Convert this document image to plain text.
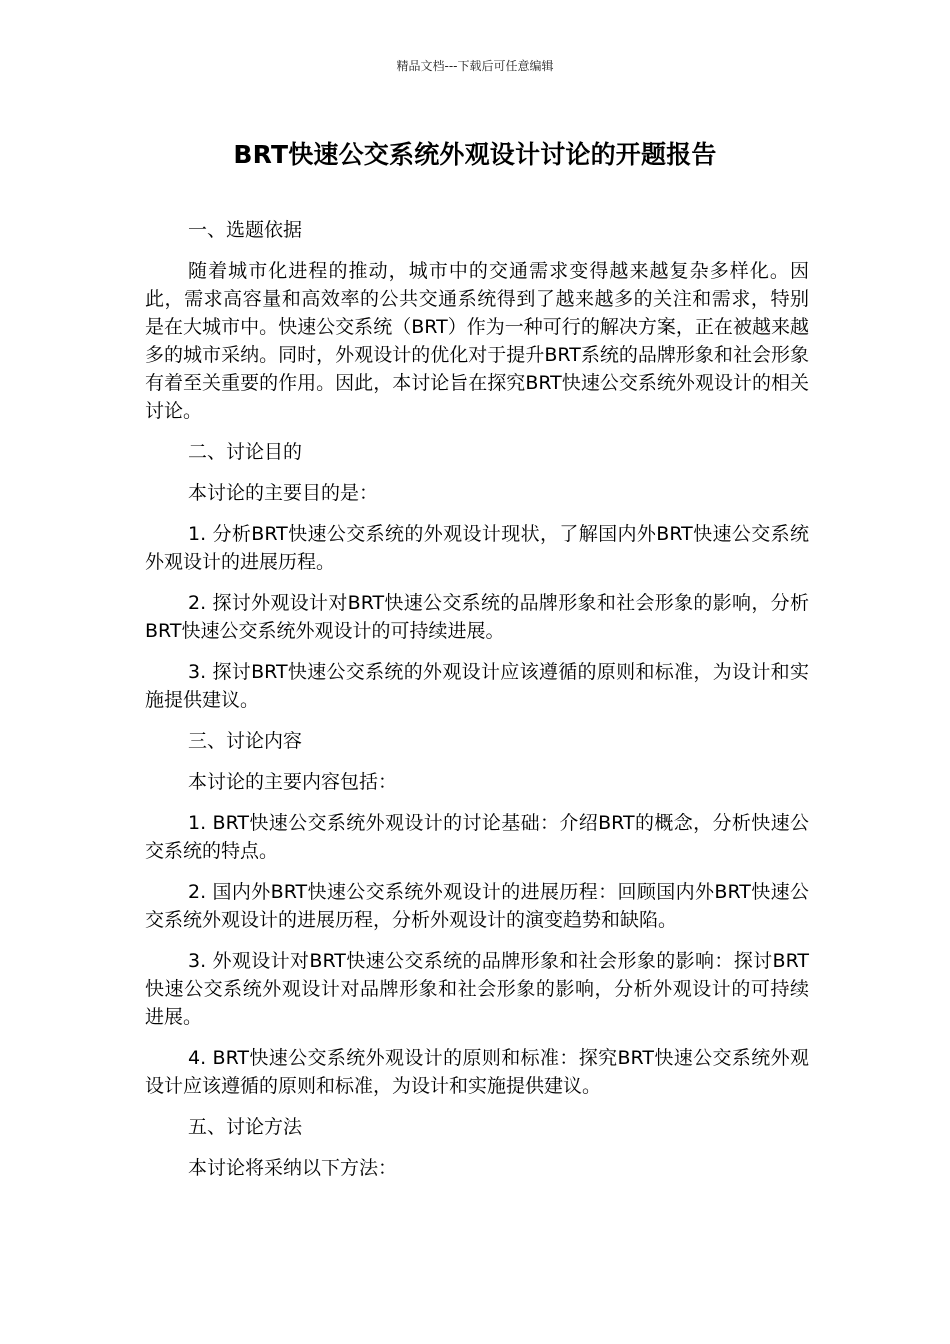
精品文档---下载后可任意编辑
BRT快速公交系统外观设计讨论的开题报告

一、选题依据

随着城市化进程的推动，城市中的交通需求变得越来越复杂多样化。因此，需求高容量和高效率的公共交通系统得到了越来越多的关注和需求，特别是在大城市中。快速公交系统（BRT）作为一种可行的解决方案，正在被越来越多的城市采纳。同时，外观设计的优化对于提升BRT系统的品牌形象和社会形象有着至关重要的作用。因此，本讨论旨在探究BRT快速公交系统外观设计的相关讨论。

二、讨论目的

本讨论的主要目的是：

1. 分析BRT快速公交系统的外观设计现状，了解国内外BRT快速公交系统外观设计的进展历程。

2. 探讨外观设计对BRT快速公交系统的品牌形象和社会形象的影响，分析BRT快速公交系统外观设计的可持续进展。

3. 探讨BRT快速公交系统的外观设计应该遵循的原则和标准，为设计和实施提供建议。

三、讨论内容

本讨论的主要内容包括：

1. BRT快速公交系统外观设计的讨论基础：介绍BRT的概念，分析快速公交系统的特点。

2. 国内外BRT快速公交系统外观设计的进展历程：回顾国内外BRT快速公交系统外观设计的进展历程，分析外观设计的演变趋势和缺陷。

3. 外观设计对BRT快速公交系统的品牌形象和社会形象的影响：探讨BRT快速公交系统外观设计对品牌形象和社会形象的影响，分析外观设计的可持续进展。

4. BRT快速公交系统外观设计的原则和标准：探究BRT快速公交系统外观设计应该遵循的原则和标准，为设计和实施提供建议。

五、讨论方法

本讨论将采纳以下方法：
